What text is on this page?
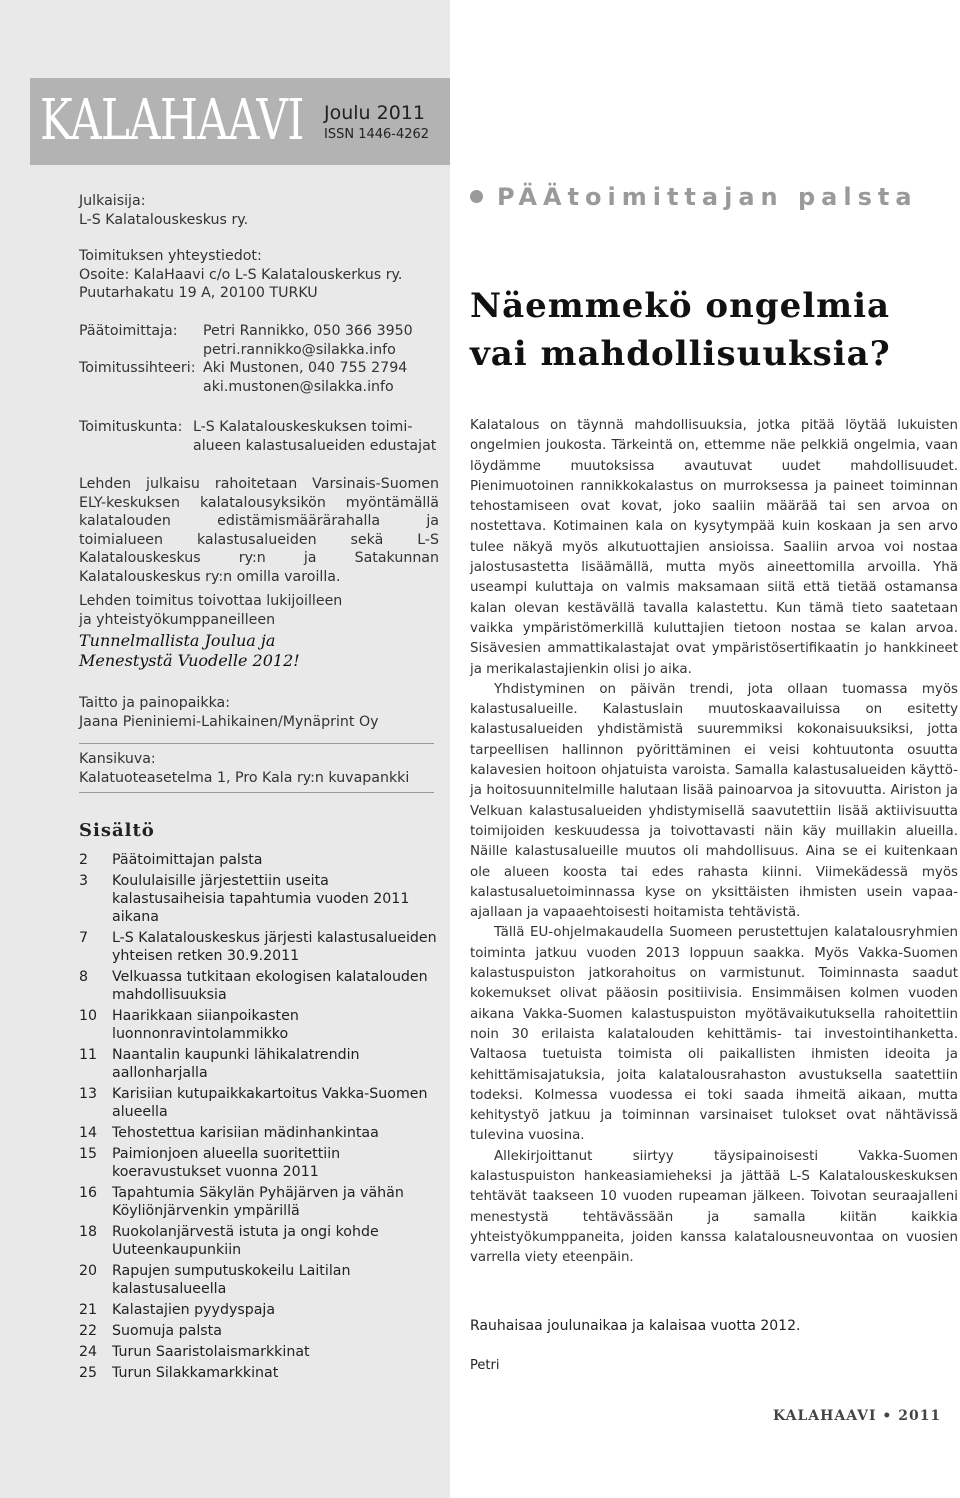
KALAHAAVI Joulu 2011
ISSN 1446-4262

Julkaisija:

L-S Kalatalouskeskus ry.

Toimituksen yhteystiedot:

Osoite: KalaHaavi c/o L-S Kalatalouskerkus ry.

Puutarhakatu 19 A, 20100 TURKU

Päätoimittaja:	Petri Rannikko, 050 366 3950

petri.rannikko@silakka.info

Toimitussihteeri: Aki Mustonen, 040 755 2794

aki.mustonen@silakka.info

Toimituskunta: L-S Kalatalouskeskuksen toimi-

alueen kalastusalueiden edustajat

Lehden julkaisu rahoitetaan Varsinais-Suomen ELY-keskuksen kalatalousyksikön myöntämällä kalatalouden edistämismäärärahalla ja toimialueen kalastusalueiden sekä L-S Kalatalouskeskus ry:n ja Satakunnan Kalatalouskeskus ry:n omilla varoilla.

Lehden toimitus toivottaa lukijoilleen

ja yhteistyökumppaneilleen

Tunnelmallista Joulua ja

Menestystä Vuodelle 2012!

Taitto ja painopaikka:

Jaana Pieniniemi-Lahikainen/Mynäprint Oy

Kansikuva:

Kalatuoteasetelma 1, Pro Kala ry:n kuvapankki

Sisältö
2	Päätoimittajan palsta
3	Koululaisille järjestettiin useita kalastusaiheisia tapahtumia vuoden 2011 aikana
7	L-S Kalatalouskeskus järjesti kalastusalueiden yhteisen retken 30.9.2011
8	Velkuassa tutkitaan ekologisen kalatalouden mahdollisuuksia
10	Haarikkaan siianpoikasten luonnonravintolammikko
11	Naantalin kaupunki lähikalatrendin aallonharjalla
13	Karisiian kutupaikkakartoitus Vakka-Suomen alueella
14	Tehostettua karisiian mädinhankintaa
15	Paimionjoen alueella suoritettiin koeravustukset vuonna 2011
16	Tapahtumia Säkylän Pyhäjärven ja vähän Köyliönjärvenkin ympärillä
18	Ruokolanjärvestä istuta ja ongi kohde Uuteenkaupunkiin
20	Rapujen sumputuskokeilu Laitilan kalastusalueella
21	Kalastajien pyydyspaja
22	Suomuja palsta
24	Turun Saaristolaismarkkinat
25	Turun Silakkamarkkinat
PÄÄtoimittajan palsta
Näemmekö ongelmia
vai mahdollisuuksia?

Kalatalous on täynnä mahdollisuuksia, jotka pitää löytää lukuisten ongelmien joukosta. Tärkeintä on, ettemme näe pelkkiä ongelmia, vaan löydämme muutoksissa avautuvat uudet mahdollisuudet. Pienimuotoinen rannikkokalastus on murroksessa ja paineet toiminnan tehostamiseen ovat kovat, joko saaliin määrää tai sen arvoa on nostettava. Kotimainen kala on kysytympää kuin koskaan ja sen arvo tulee näkyä myös alkutuottajien ansioissa. Saaliin arvoa voi nostaa jalostusastetta lisäämällä, mutta myös aineettomilla arvoilla. Yhä useampi kuluttaja on valmis maksamaan siitä että tietää ostamansa kalan olevan kestävällä tavalla kalastettu. Kun tämä tieto saatetaan vaikka ympäristömerkillä kuluttajien tietoon nostaa se kalan arvoa. Sisävesien ammattikalastajat ovat ympäristösertifikaatin jo hankkineet ja merikalastajienkin olisi jo aika.

Yhdistyminen on päivän trendi, jota ollaan tuomassa myös kalastusalueille. Kalastuslain muutoskaavailuissa on esitetty kalastusalueiden yhdistämistä suuremmiksi kokonaisuuksiksi, jotta tarpeellisen hallinnon pyörittäminen ei veisi kohtuutonta osuutta kalavesien hoitoon ohjatuista varoista. Samalla kalastusalueiden käyttö- ja hoitosuunnitelmille halutaan lisää painoarvoa ja sitovuutta. Airiston ja Velkuan kalastusalueiden yhdistymisellä saavutettiin lisää aktiivisuutta toimijoiden keskuudessa ja toivottavasti näin käy muillakin alueilla. Näille kalastusalueille muutos oli mahdollisuus. Aina se ei kuitenkaan ole alueen koosta tai edes rahasta kiinni. Viimekädessä myös kalastusaluetoiminnassa kyse on yksittäisten ihmisten usein vapaa-ajallaan ja vapaaehtoisesti hoitamista tehtävistä.

Tällä EU-ohjelmakaudella Suomeen perustettujen kalatalousryhmien toiminta jatkuu vuoden 2013 loppuun saakka. Myös Vakka-Suomen kalastuspuiston jatkorahoitus on varmistunut. Toiminnasta saadut kokemukset olivat pääosin positiivisia. Ensimmäisen kolmen vuoden aikana Vakka-Suomen kalastuspuiston myötävaikutuksella rahoitettiin noin 30 erilaista kalatalouden kehittämis- tai investointihanketta. Valtaosa tuetuista toimista oli paikallisten ihmisten ideoita ja kehittämisajatuksia, joita kalatalousrahaston avustuksella saatettiin todeksi. Kolmessa vuodessa ei toki saada ihmeitä aikaan, mutta kehitystyö jatkuu ja toiminnan varsinaiset tulokset ovat nähtävissä tulevina vuosina.

Allekirjoittanut siirtyy täysipainoisesti Vakka-Suomen kalastuspuiston hankeasiamieheksi ja jättää L-S Kalatalouskeskuksen tehtävät taakseen 10 vuoden rupeaman jälkeen. Toivotan seuraajalleni menestystä tehtävässään ja samalla kiitän kaikkia yhteistyökumppaneita, joiden kanssa kalatalousneuvontaa on vuosien varrella viety eteenpäin.

Rauhaisaa joulunaikaa ja kalaisaa vuotta 2012.
Petri
KALAHAAVI • 2011
